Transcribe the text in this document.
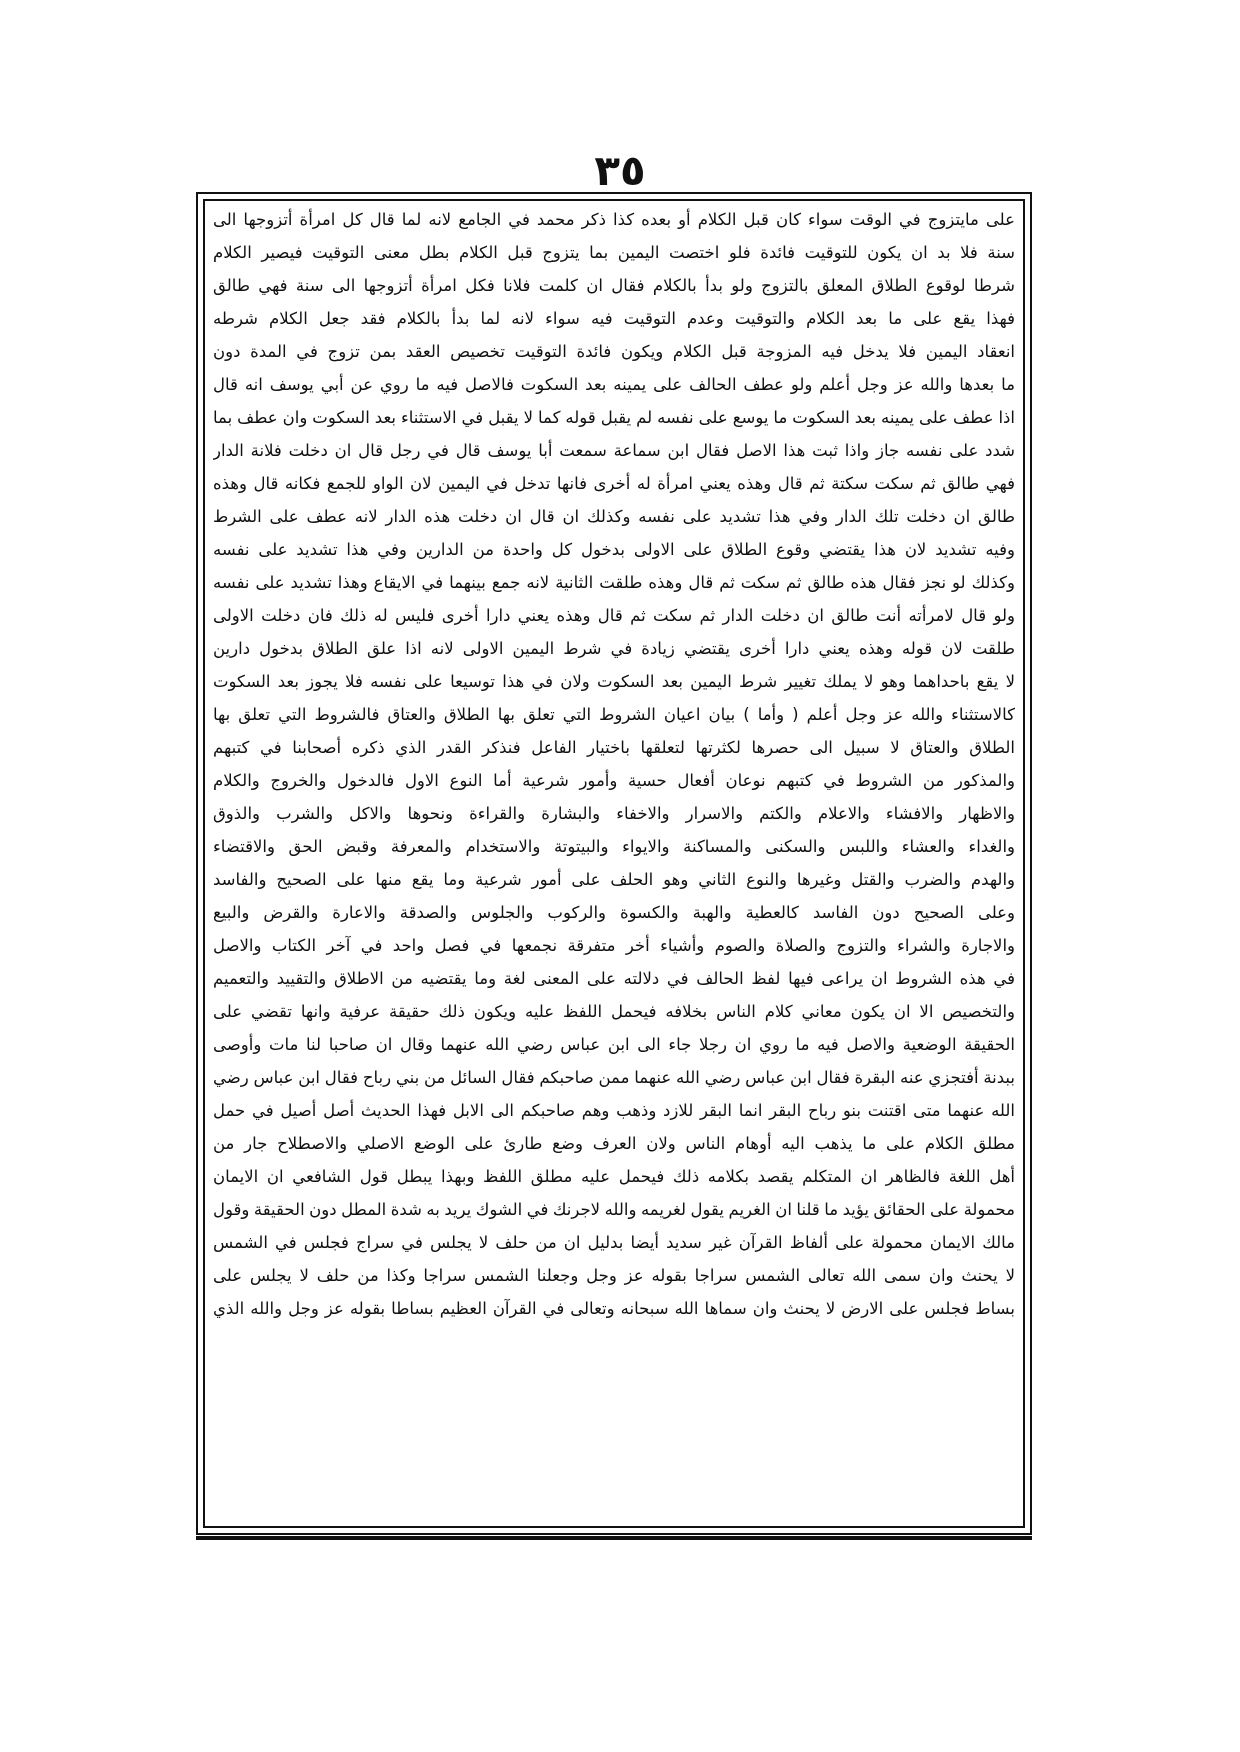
٣٥
على مايتزوج في الوقت سواء كان قبل الكلام أو بعده كذا ذكر محمد في الجامع لانه لما قال كل امرأة أتزوجها الى
سنة فلا بد ان يكون للتوقيت فائدة فلو اختصت اليمين بما يتزوج قبل الكلام بطل معنى التوقيت فيصير الكلام
شرطا لوقوع الطلاق المعلق بالتزوج ولو بدأ بالكلام فقال ان كلمت فلانا فكل امرأة أتزوجها الى سنة فهي طالق
فهذا يقع على ما بعد الكلام والتوقيت وعدم التوقيت فيه سواء لانه لما بدأ بالكلام فقد جعل الكلام شرطه
انعقاد اليمين فلا يدخل فيه المزوجة قبل الكلام ويكون فائدة التوقيت تخصيص العقد بمن تزوج في المدة دون
ما بعدها والله عز وجل أعلم ولو عطف الحالف على يمينه بعد السكوت فالاصل فيه ما روي عن أبي يوسف انه قال
اذا عطف على يمينه بعد السكوت ما يوسع على نفسه لم يقبل قوله كما لا يقبل في الاستثناء بعد السكوت وان عطف بما
شدد على نفسه جاز واذا ثبت هذا الاصل فقال ابن سماعة سمعت أبا يوسف قال في رجل قال ان دخلت فلانة الدار
فهي طالق ثم سكت سكتة ثم قال وهذه يعني امرأة له أخرى فانها تدخل في اليمين لان الواو للجمع فكانه قال وهذه
طالق ان دخلت تلك الدار وفي هذا تشديد على نفسه وكذلك ان قال ان دخلت هذه الدار لانه عطف على الشرط
وفيه تشديد لان هذا يقتضي وقوع الطلاق على الاولى بدخول كل واحدة من الدارين وفي هذا تشديد على نفسه
وكذلك لو نجز فقال هذه طالق ثم سكت ثم قال وهذه طلقت الثانية لانه جمع بينهما في الايقاع وهذا تشديد على نفسه
ولو قال لامرأته أنت طالق ان دخلت الدار ثم سكت ثم قال وهذه يعني دارا أخرى فليس له ذلك فان دخلت الاولى
طلقت لان قوله وهذه يعني دارا أخرى يقتضي زيادة في شرط اليمين الاولى لانه اذا علق الطلاق بدخول دارين
لا يقع باحداهما وهو لا يملك تغيير شرط اليمين بعد السكوت ولان في هذا توسيعا على نفسه فلا يجوز بعد السكوت
كالاستثناء والله عز وجل أعلم ( وأما ) بيان اعيان الشروط التي تعلق بها الطلاق والعتاق فالشروط التي تعلق بها
الطلاق والعتاق لا سبيل الى حصرها لكثرتها لتعلقها باختيار الفاعل فنذكر القدر الذي ذكره أصحابنا في كتبهم
والمذكور من الشروط في كتبهم نوعان أفعال حسية وأمور شرعية أما النوع الاول فالدخول والخروج والكلام
والاظهار والافشاء والاعلام والكتم والاسرار والاخفاء والبشارة والقراءة ونحوها والاكل والشرب والذوق
والغداء والعشاء واللبس والسكنى والمساكنة والايواء والبيتوتة والاستخدام والمعرفة وقبض الحق والاقتضاء
والهدم والضرب والقتل وغيرها والنوع الثاني وهو الحلف على أمور شرعية وما يقع منها على الصحيح والفاسد
وعلى الصحيح دون الفاسد كالعطية والهبة والكسوة والركوب والجلوس والصدقة والاعارة والقرض والبيع
والاجارة والشراء والتزوج والصلاة والصوم وأشياء أخر متفرقة نجمعها في فصل واحد في آخر الكتاب والاصل
في هذه الشروط ان يراعى فيها لفظ الحالف في دلالته على المعنى لغة وما يقتضيه من الاطلاق والتقييد والتعميم
والتخصيص الا ان يكون معاني كلام الناس بخلافه فيحمل اللفظ عليه ويكون ذلك حقيقة عرفية وانها تقضي على
الحقيقة الوضعية والاصل فيه ما روي ان رجلا جاء الى ابن عباس رضي الله عنهما وقال ان صاحبا لنا مات وأوصى
ببدنة أفتجزي عنه البقرة فقال ابن عباس رضي الله عنهما ممن صاحبكم فقال السائل من بني رباح فقال ابن عباس رضي
الله عنهما متى اقتنت بنو رباح البقر انما البقر للازد وذهب وهم صاحبكم الى الابل فهذا الحديث أصل أصيل في حمل
مطلق الكلام على ما يذهب اليه أوهام الناس ولان العرف وضع طارئ على الوضع الاصلي والاصطلاح جار من
أهل اللغة فالظاهر ان المتكلم يقصد بكلامه ذلك فيحمل عليه مطلق اللفظ وبهذا يبطل قول الشافعي ان الايمان
محمولة على الحقائق يؤيد ما قلنا ان الغريم يقول لغريمه والله لاجرنك في الشوك يريد به شدة المطل دون الحقيقة وقول
مالك الايمان محمولة على ألفاظ القرآن غير سديد أيضا بدليل ان من حلف لا يجلس في سراج فجلس في الشمس
لا يحنث وان سمى الله تعالى الشمس سراجا بقوله عز وجل وجعلنا الشمس سراجا وكذا من حلف لا يجلس على
بساط فجلس على الارض لا يحنث وان سماها الله سبحانه وتعالى في القرآن العظيم بساطا بقوله عز وجل والله الذي
